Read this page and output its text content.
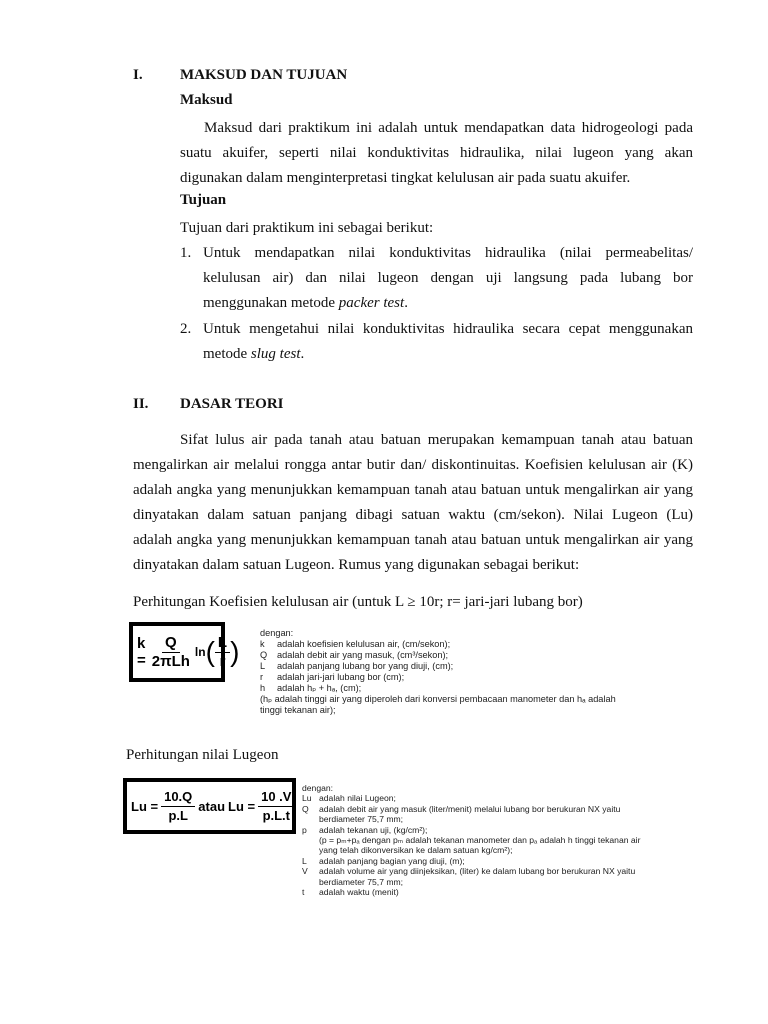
I. MAKSUD DAN TUJUAN
Maksud
Maksud dari praktikum ini adalah untuk mendapatkan data hidrogeologi pada
suatu akuifer, seperti nilai konduktivitas hidraulika, nilai lugeon yang akan
digunakan dalam menginterpretasi tingkat kelulusan air pada suatu akuifer.
Tujuan
Tujuan dari praktikum ini sebagai berikut:
1. Untuk mendapatkan nilai konduktivitas hidraulika (nilai permeabelitas/
kelulusan air) dan nilai lugeon dengan uji langsung pada lubang bor
menggunakan metode packer test.
2. Untuk mengetahui nilai konduktivitas hidraulika secara cepat menggunakan
metode slug test.
II. DASAR TEORI
Sifat lulus air pada tanah atau batuan merupakan kemampuan tanah atau batuan
mengalirkan air melalui rongga antar butir dan/ diskontinuitas. Koefisien kelulusan air (K)
adalah angka yang menunjukkan kemampuan tanah atau batuan untuk mengalirkan air yang
dinyatakan dalam satuan panjang dibagi satuan waktu (cm/sekon). Nilai Lugeon (Lu)
adalah angka yang menunjukkan kemampuan tanah atau batuan untuk mengalirkan air yang
dinyatakan dalam satuan Lugeon. Rumus yang digunakan sebagai berikut:
Perhitungan Koefisien kelulusan air (untuk L ≥ 10r; r= jari-jari lubang bor)
$k = \frac{Q}{\text{2πLh}}$ ln ( $\frac{L}{r}$ )
dengan:
k	adalah koefisien kelulusan air, (cm/sekon);
Q	adalah debit air yang masuk, (cm³/sekon);
L	adalah panjang lubang bor yang diuji, (cm);
r	adalah jari-jari lubang bor (cm);
h	adalah hₚ + hₐ, (cm);
(hₚ adalah tinggi air yang diperoleh dari konversi pembacaan manometer dan hₐ adalah
tinggi tekanan air);
Perhitungan nilai Lugeon
$Lu = \frac{10.Q}{p.L}$ atau $Lu = \frac{10 .V}{p.L.t}$ dengan:
Lu adalah nilai Lugeon;
Q	adalah debit air yang masuk (liter/menit) melalui lubang bor berukuran NX yaitu
berdiameter 75,7 mm;
p	adalah tekanan uji, (kg/cm²);
(p = pₘ+pₐ dengan pₘ adalah tekanan manometer dan pₐ adalah h tinggi tekanan air
yang telah dikonversikan ke dalam satuan kg/cm²);
L	adalah panjang bagian yang diuji, (m);
V	adalah volume air yang diinjeksikan, (liter) ke dalam lubang bor berukuran NX yaitu
berdiameter 75,7 mm;
t	adalah waktu (menit)
